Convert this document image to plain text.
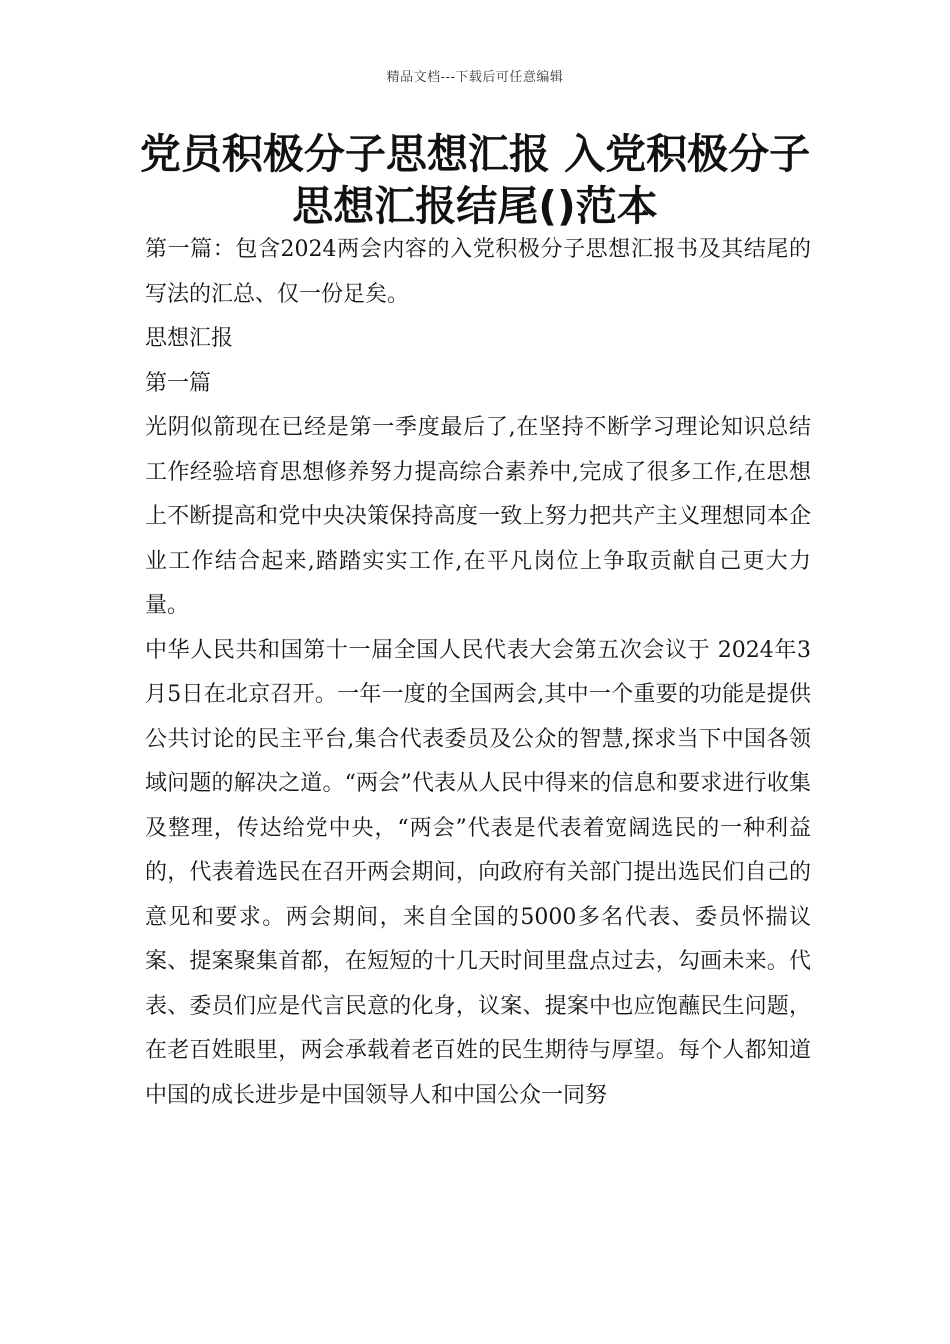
精品文档---下载后可任意编辑
党员积极分子思想汇报 入党积极分子思想汇报结尾()范本

第一篇：包含2024两会内容的入党积极分子思想汇报书及其结尾的写法的汇总、仅一份足矣。

思想汇报

第一篇

光阴似箭现在已经是第一季度最后了,在坚持不断学习理论知识总结工作经验培育思想修养努力提高综合素养中,完成了很多工作,在思想上不断提高和党中央决策保持高度一致上努力把共产主义理想同本企业工作结合起来,踏踏实实工作,在平凡岗位上争取贡献自己更大力量。

中华人民共和国第十一届全国人民代表大会第五次会议于 2024年3月5日在北京召开。一年一度的全国两会,其中一个重要的功能是提供公共讨论的民主平台,集合代表委员及公众的智慧,探求当下中国各领域问题的解决之道。“两会”代表从人民中得来的信息和要求进行收集及整理，传达给党中央，“两会”代表是代表着宽阔选民的一种利益的，代表着选民在召开两会期间，向政府有关部门提出选民们自己的意见和要求。两会期间，来自全国的5000多名代表、委员怀揣议案、提案聚集首都，在短短的十几天时间里盘点过去，勾画未来。代表、委员们应是代言民意的化身，议案、提案中也应饱蘸民生问题，在老百姓眼里，两会承载着老百姓的民生期待与厚望。每个人都知道中国的成长进步是中国领导人和中国公众一同努
